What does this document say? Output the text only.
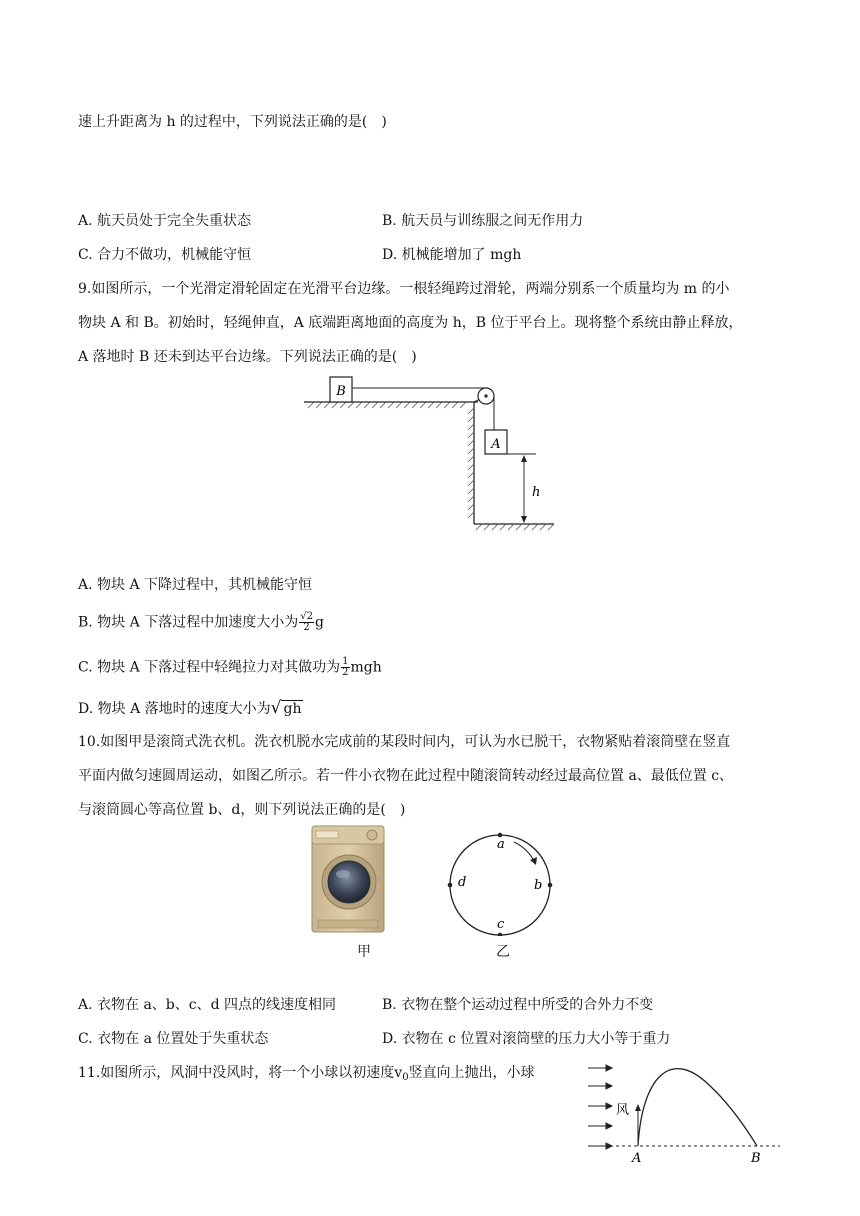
速上升距离为 h 的过程中，下列说法正确的是(　)
A. 航天员处于完全失重状态	B. 航天员与训练服之间无作用力
C. 合力不做功，机械能守恒	D. 机械能增加了 mgh
9.如图所示，一个光滑定滑轮固定在光滑平台边缘。一根轻绳跨过滑轮，两端分别系一个质量均为 m 的小
物块 A 和 B。初始时，轻绳伸直，A 底端距离地面的高度为 h，B 位于平台上。现将整个系统由静止释放，
A 落地时 B 还未到达平台边缘。下列说法正确的是(　)
B
A
h
A. 物块 A 下降过程中，其机械能守恒
B. 物块 A 下落过程中加速度大小为 $\frac{√2}{2}$ g
C. 物块 A 下落过程中轻绳拉力对其做功为 $\frac{1}{2}$ mgh
D. 物块 A 落地时的速度大小为√ gh
10.如图甲是滚筒式洗衣机。洗衣机脱水完成前的某段时间内，可认为水已脱干，衣物紧贴着滚筒壁在竖直
平面内做匀速圆周运动，如图乙所示。若一件小衣物在此过程中随滚筒转动经过最高位置 a、最低位置 c、
与滚筒圆心等高位置 b、d，则下列说法正确的是(　)
甲
a
b
c
d
乙
A. 衣物在 a、b、c、d 四点的线速度相同	B. 衣物在整个运动过程中所受的合外力不变
C. 衣物在 a 位置处于失重状态	D. 衣物在 c 位置对滚筒壁的压力大小等于重力
11.如图所示，风洞中没风时，将一个小球以初速度$v_0$竖直向上抛出，小球
风
A	B
